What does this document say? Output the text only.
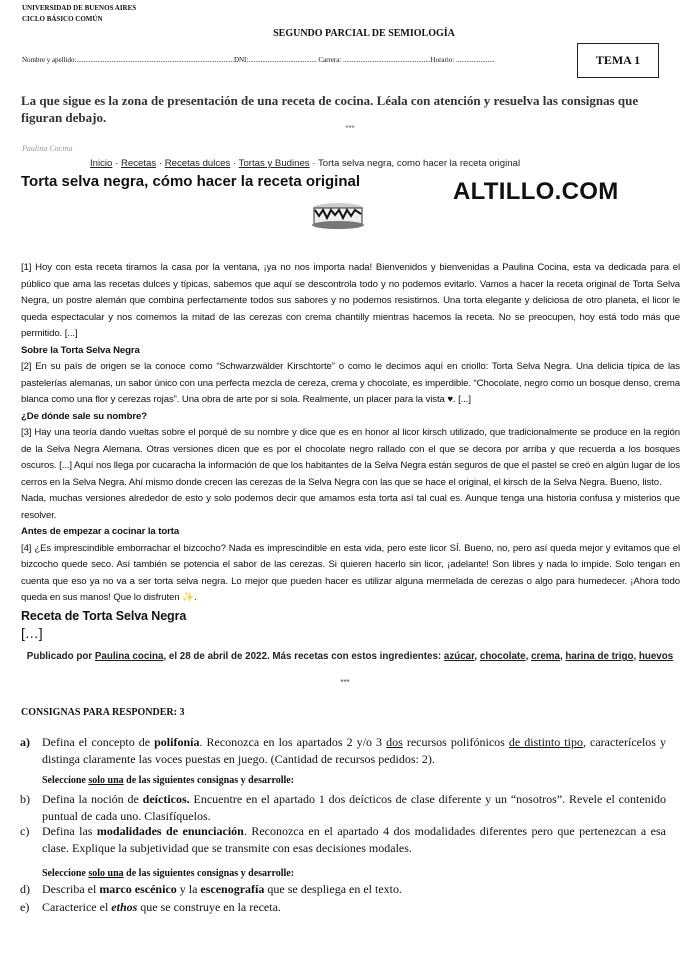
UNIVERSIDAD DE BUENOS AIRES
CICLO BÁSICO COMÚN
SEGUNDO PARCIAL DE SEMIOLOGÍA
Nombre y apellido:..........................................................................................DNI:....................................... Carrera: ..................................................Horario: ......................	TEMA 1
La que sigue es la zona de presentación de una receta de cocina. Léala con atención y resuelva las consignas que figuran debajo.
***
Paulina Cocina
Inicio · Recetas · Recetas dulces · Tortas y Budines · Torta selva negra, como hacer la receta original
Torta selva negra, cómo hacer la receta original	ALTILLO.COM

[1] Hoy con esta receta tiramos la casa por la ventana, ¡ya no nos importa nada! Bienvenidos y bienvenidas a Paulina Cocina, esta va dedicada para el público que ama las recetas dulces y típicas, sabemos que aquí se descontrola todo y no podemos evitarlo. Vamos a hacer la receta original de Torta Selva Negra, un postre alemán que combina perfectamente todos sus sabores y no podemos resistirnos. Una torta elegante y deliciosa de otro planeta, el licor le queda espectacular y nos comemos la mitad de las cerezas con crema chantilly mientras hacemos la receta. No se preocupen, hoy está todo más que permitido. [...]

Sobre la Torta Selva Negra

[2] En su país de origen se la conoce como “Schwarzwälder Kirschtorte” o como le decimos aquí en criollo: Torta Selva Negra. Una delicia típica de las pastelerías alemanas, un sabor único con una perfecta mezcla de cereza, crema y chocolate, es imperdible. “Chocolate, negro como un bosque denso, crema blanca como una flor y cerezas rojas”. Una obra de arte por si sola. Realmente, un placer para la vista ♥. [...]

¿De dónde sale su nombre?

[3] Hay una teoría dando vueltas sobre el porqué de su nombre y dice que es en honor al licor kirsch utilizado, que tradicionalmente se produce en la región de la Selva Negra Alemana. Otras versiones dicen que es por el chocolate negro rallado con el que se decora por arriba y que recuerda a los bosques oscuros. [...] Aquí nos llega por cucaracha la información de que los habitantes de la Selva Negra están seguros de que el pastel se creó en algún lugar de los cerros en la Selva Negra. Ahí mismo donde crecen las cerezas de la Selva Negra con las que se hace el original, el kirsch de la Selva Negra. Bueno, listo.

Nada, muchas versiones alrededor de esto y solo podemos decir que amamos esta torta así tal cual es. Aunque tenga una historia confusa y misterios que resolver.

Antes de empezar a cocinar la torta

[4] ¿Es imprescindible emborrachar el bizcocho? Nada es imprescindible en esta vida, pero este licor SÍ. Bueno, no, pero así queda mejor y evitamos que el bizcocho quede seco. Así también se potencia el sabor de las cerezas. Si quieren hacerlo sin licor, ¡adelante! Son libres y nada lo impide. Solo tengan en cuenta que eso ya no va a ser torta selva negra. Lo mejor que pueden hacer es utilizar alguna mermelada de cerezas o algo para humedecer. ¡Ahora todo queda en sus manos! Que lo disfruten ✨.

Receta de Torta Selva Negra
[…]
Publicado por Paulina cocina, el 28 de abril de 2022. Más recetas con estos ingredientes: azúcar, chocolate, crema, harina de trigo, huevos
***
CONSIGNAS PARA RESPONDER: 3
a) Defina el concepto de polifonía. Reconozca en los apartados 2 y/o 3 dos recursos polifónicos de distinto tipo, caracterícelos y distinga claramente las voces puestas en juego. (Cantidad de recursos pedidos: 2).
Seleccione solo una de las siguientes consignas y desarrolle:
b) Defina la noción de deícticos. Encuentre en el apartado 1 dos deícticos de clase diferente y un “nosotros”. Revele el contenido puntual de cada uno. Clasifíquelos.
c) Defina las modalidades de enunciación. Reconozca en el apartado 4 dos modalidades diferentes pero que pertenezcan a esa clase. Explique la subjetividad que se transmite con esas decisiones modales.
Seleccione solo una de las siguientes consignas y desarrolle:
d) Describa el marco escénico y la escenografía que se despliega en el texto.
e) Caracterice el ethos que se construye en la receta.
